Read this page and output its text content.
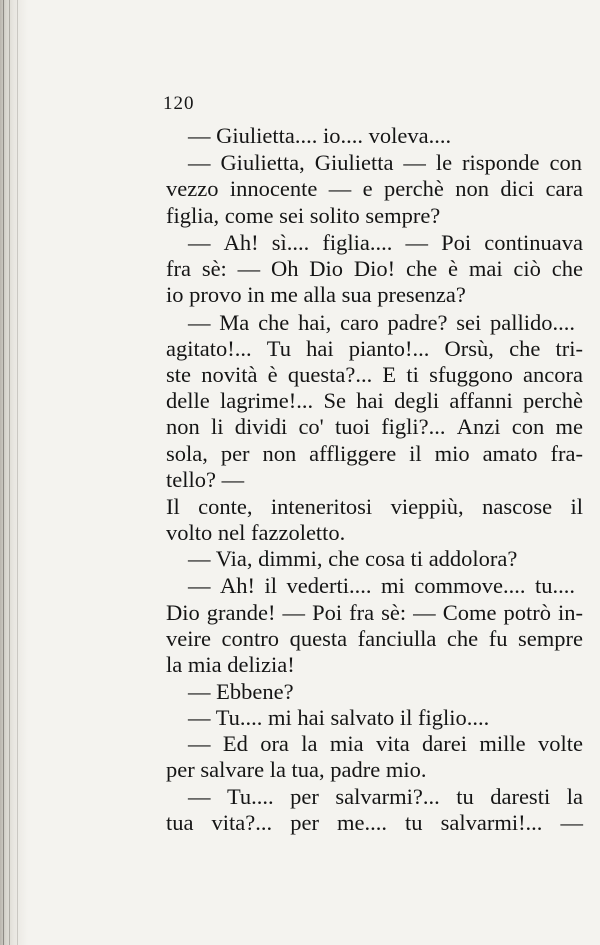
120
— Giulietta.... io.... voleva....
— Giulietta, Giulietta — le risponde con
vezzo innocente — e perchè non dici cara
figlia, come sei solito sempre?
— Ah! sì.... figlia.... — Poi continuava
fra sè: — Oh Dio Dio! che è mai ciò che
io provo in me alla sua presenza?
— Ma che hai, caro padre? sei pallido....
agitato!... Tu hai pianto!... Orsù, che tri-
ste novità è questa?... E ti sfuggono ancora
delle lagrime!... Se hai degli affanni perchè
non li dividi co' tuoi figli?... Anzi con me
sola, per non affliggere il mio amato fra-
tello? —
Il conte, inteneritosi vieppiù, nascose il
volto nel fazzoletto.
— Via, dimmi, che cosa ti addolora?
— Ah! il vederti.... mi commove.... tu....
Dio grande! — Poi fra sè: — Come potrò in-
veire contro questa fanciulla che fu sempre
la mia delizia!
— Ebbene?
— Tu.... mi hai salvato il figlio....
— Ed ora la mia vita darei mille volte
per salvare la tua, padre mio.
— Tu.... per salvarmi?... tu daresti la
tua vita?... per me.... tu salvarmi!... —
